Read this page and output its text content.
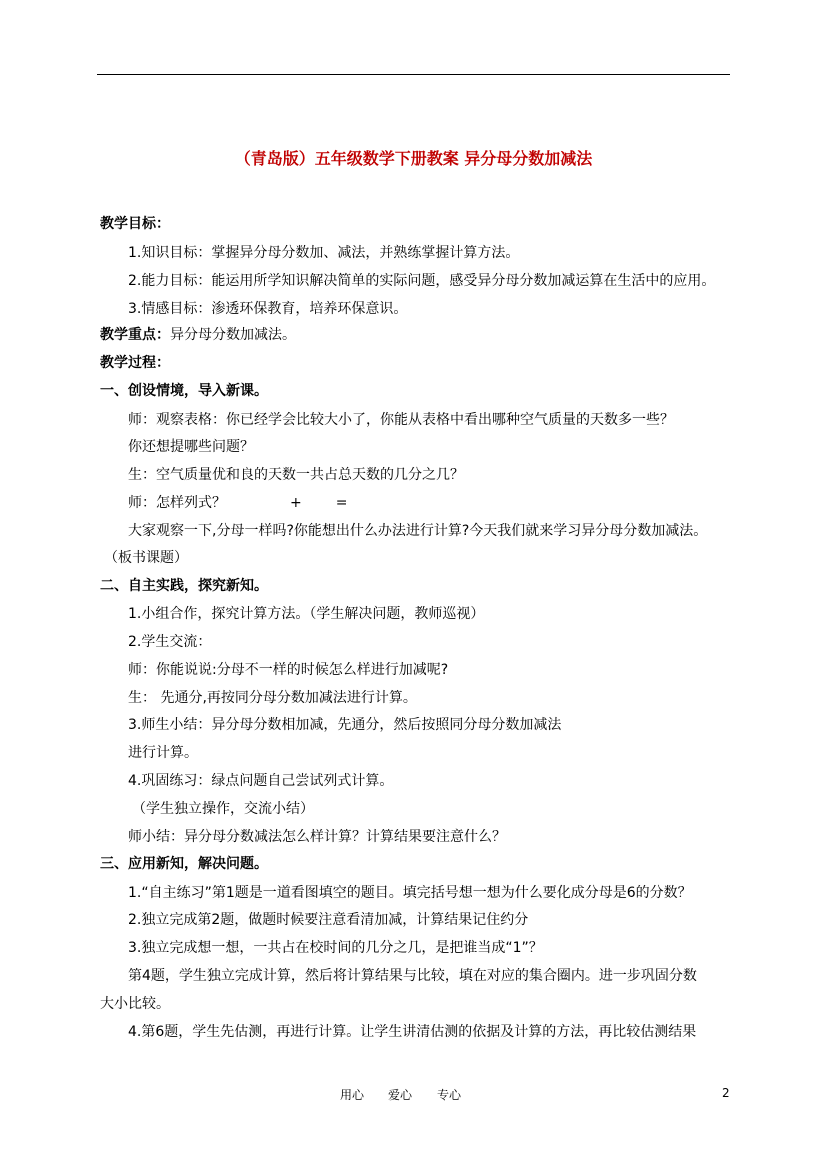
（青岛版）五年级数学下册教案 异分母分数加减法
教学目标：
1.知识目标：掌握异分母分数加、减法，并熟练掌握计算方法。
2.能力目标：能运用所学知识解决简单的实际问题，感受异分母分数加减运算在生活中的应用。
3.情感目标：渗透环保教育，培养环保意识。
教学重点：异分母分数加减法。
教学过程：
一、创设情境，导入新课。
师：观察表格：你已经学会比较大小了，你能从表格中看出哪种空气质量的天数多一些？
你还想提哪些问题？
生：空气质量优和良的天数一共占总天数的几分之几？
师：怎样列式？	+ =
大家观察一下,分母一样吗?你能想出什么办法进行计算?今天我们就来学习异分母分数加减法。
（板书课题）
二、自主实践，探究新知。
1.小组合作，探究计算方法。（学生解决问题，教师巡视）
2.学生交流：
师：你能说说:分母不一样的时候怎么样进行加减呢?
生： 先通分,再按同分母分数加减法进行计算。
3.师生小结：异分母分数相加减，先通分，然后按照同分母分数加减法
进行计算。
4.巩固练习：绿点问题自己尝试列式计算。
（学生独立操作，交流小结）
师小结：异分母分数减法怎么样计算？计算结果要注意什么？
三、应用新知，解决问题。
1.“自主练习”第1题是一道看图填空的题目。填完括号想一想为什么要化成分母是6的分数？
2.独立完成第2题，做题时候要注意看清加减，计算结果记住约分
3.独立完成想一想，一共占在校时间的几分之几，是把谁当成“1”？
第4题，学生独立完成计算，然后将计算结果与比较，填在对应的集合圈内。进一步巩固分数
大小比较。
4.第6题，学生先估测，再进行计算。让学生讲清估测的依据及计算的方法，再比较估测结果
用心 爱心 专心	2
